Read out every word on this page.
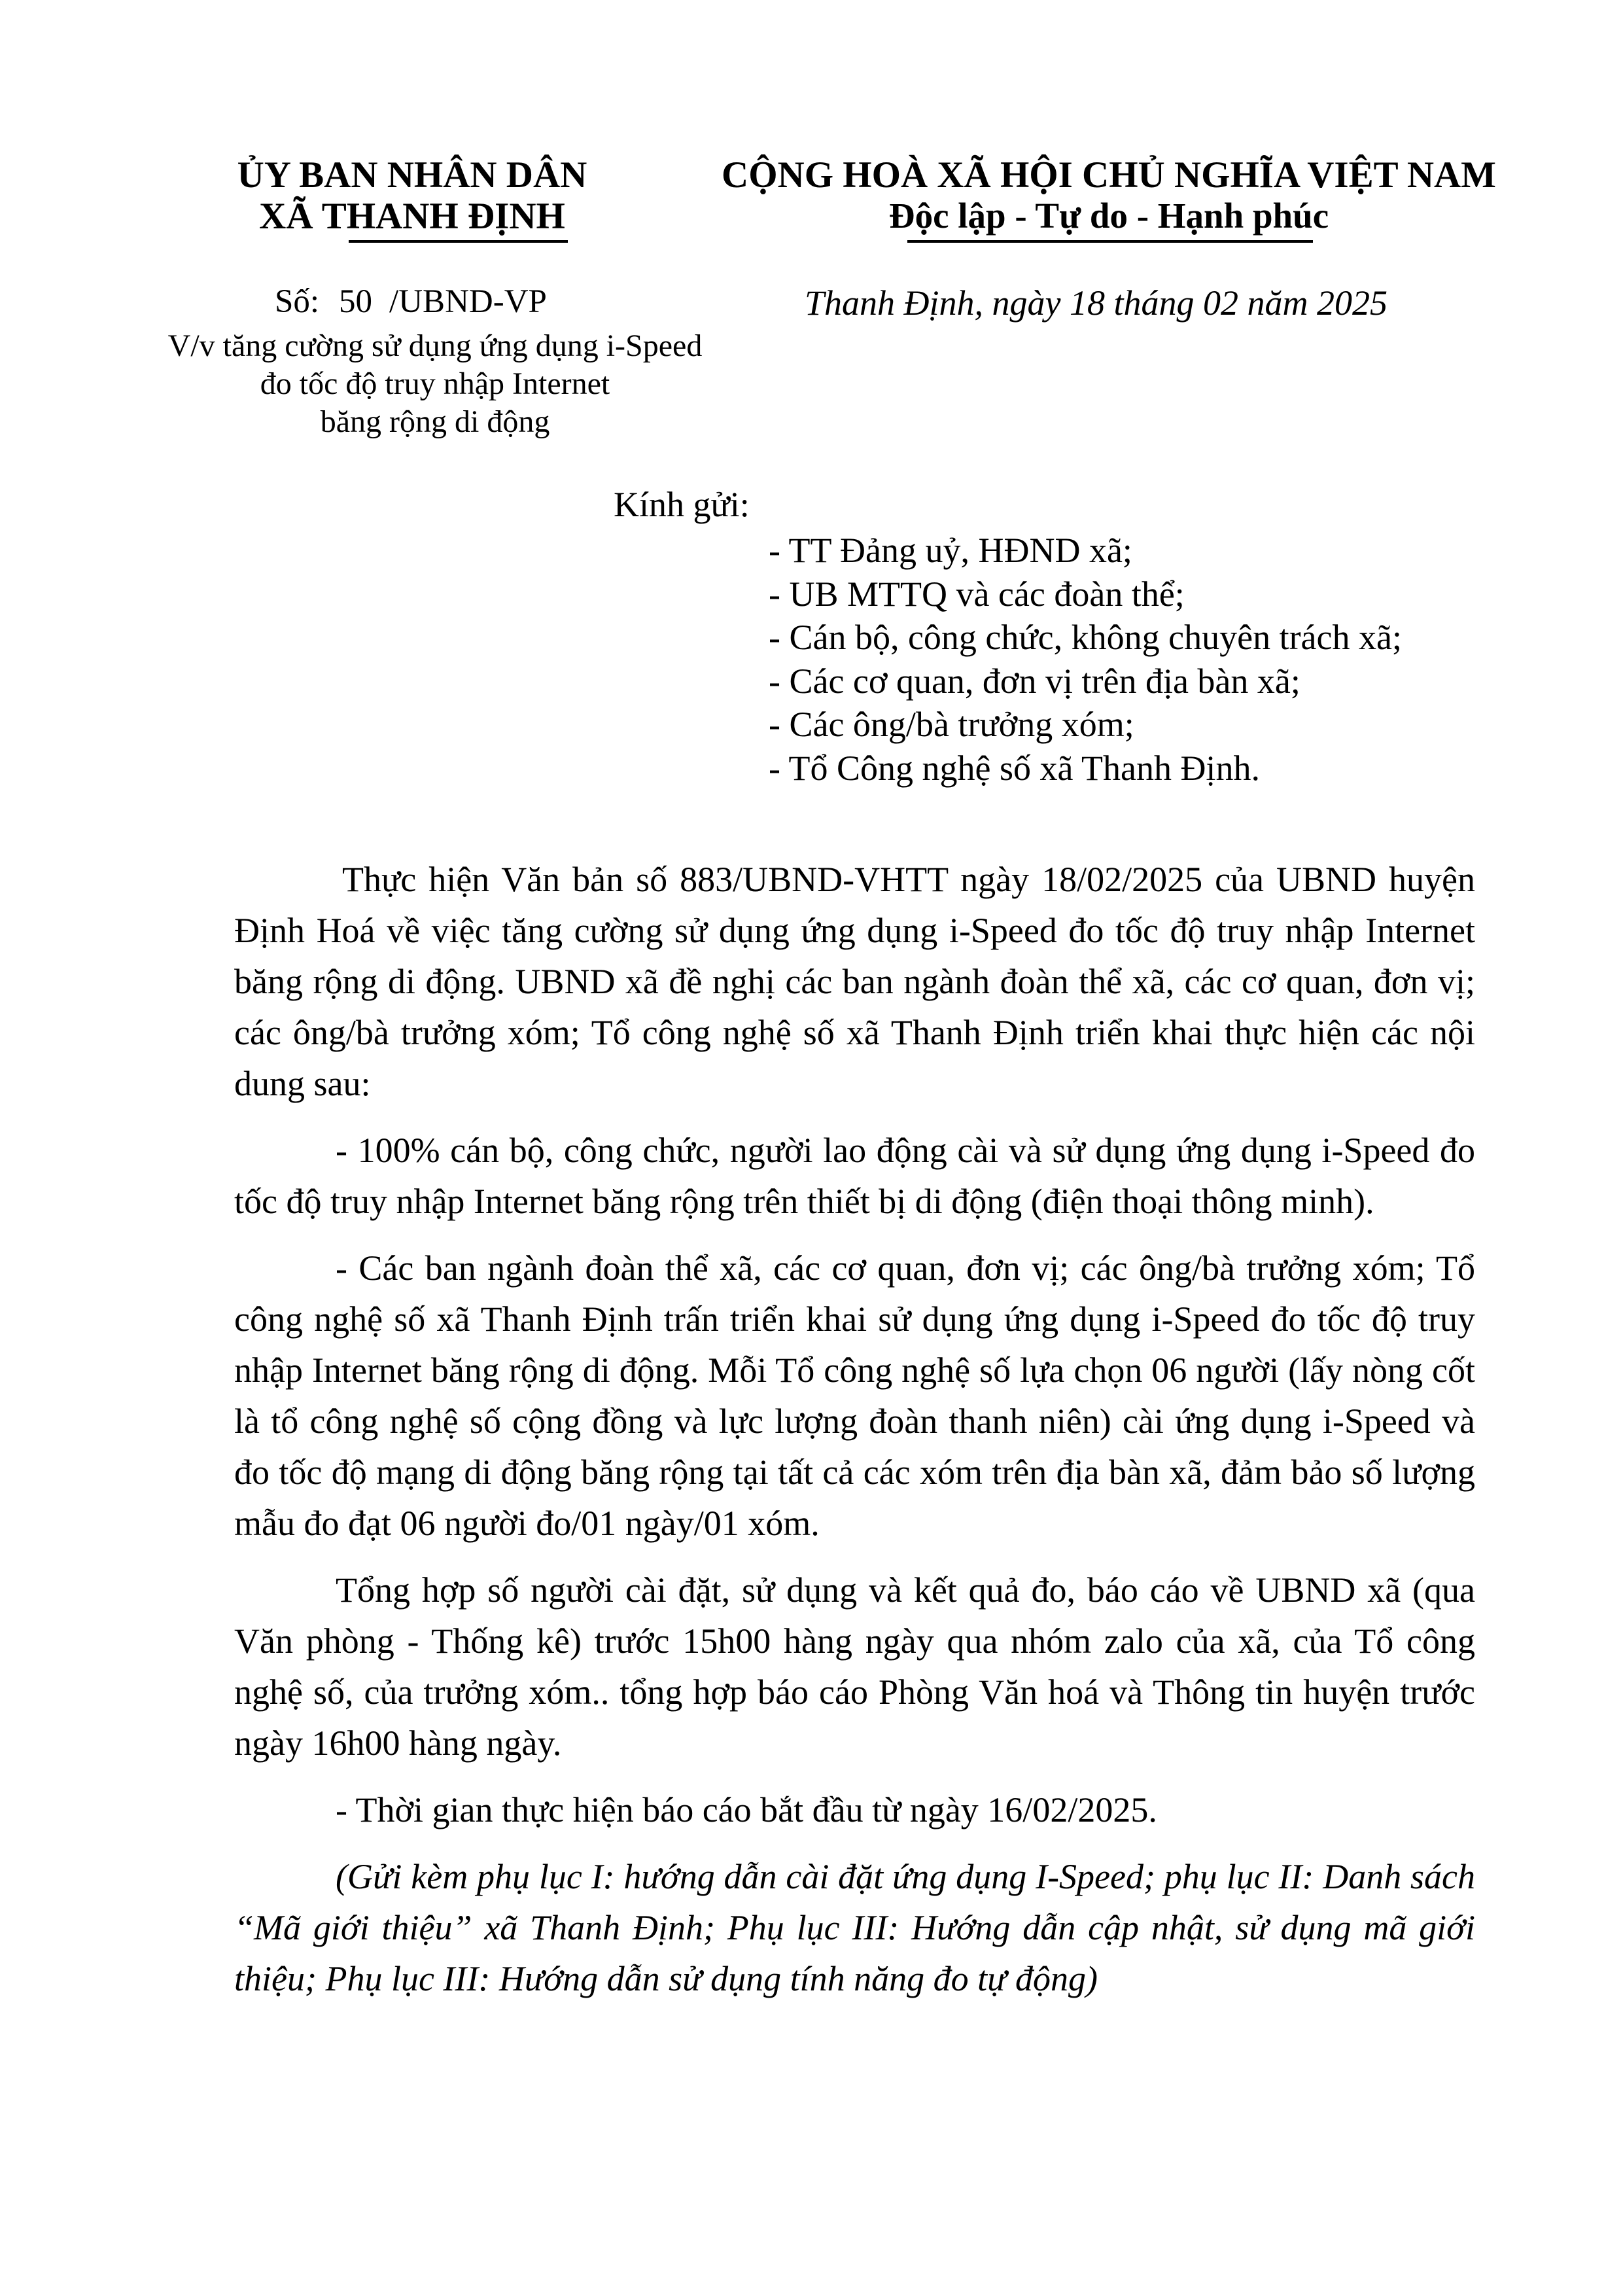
ỦY BAN NHÂN DÂN
XÃ THANH ĐỊNH
CỘNG HOÀ XÃ HỘI CHỦ NGHĨA VIỆT NAM
Độc lập - Tự do - Hạnh phúc
Số: 50 /UBND-VP	Thanh Định, ngày 18 tháng 02 năm 2025
V/v tăng cường sử dụng ứng dụng i-Speed
đo tốc độ truy nhập Internet
băng rộng di động
Kính gửi:
- TT Đảng uỷ, HĐND xã;
- UB MTTQ và các đoàn thể;
- Cán bộ, công chức, không chuyên trách xã;
- Các cơ quan, đơn vị trên địa bàn xã;
- Các ông/bà trưởng xóm;
- Tổ Công nghệ số xã Thanh Định.

Thực hiện Văn bản số 883/UBND-VHTT ngày 18/02/2025 của UBND huyện Định Hoá về việc tăng cường sử dụng ứng dụng i-Speed đo tốc độ truy nhập Internet băng rộng di động. UBND xã đề nghị các ban ngành đoàn thể xã, các cơ quan, đơn vị; các ông/bà trưởng xóm; Tổ công nghệ số xã Thanh Định triển khai thực hiện các nội dung sau:

- 100% cán bộ, công chức, người lao động cài và sử dụng ứng dụng i-Speed đo tốc độ truy nhập Internet băng rộng trên thiết bị di động (điện thoại thông minh).

- Các ban ngành đoàn thể xã, các cơ quan, đơn vị; các ông/bà trưởng xóm; Tổ công nghệ số xã Thanh Định trấn triển khai sử dụng ứng dụng i-Speed đo tốc độ truy nhập Internet băng rộng di động. Mỗi Tổ công nghệ số lựa chọn 06 người (lấy nòng cốt là tổ công nghệ số cộng đồng và lực lượng đoàn thanh niên) cài ứng dụng i-Speed và đo tốc độ mạng di động băng rộng tại tất cả các xóm trên địa bàn xã, đảm bảo số lượng mẫu đo đạt 06 người đo/01 ngày/01 xóm.

Tổng hợp số người cài đặt, sử dụng và kết quả đo, báo cáo về UBND xã (qua Văn phòng - Thống kê) trước 15h00 hàng ngày qua nhóm zalo của xã, của Tổ công nghệ số, của trưởng xóm.. tổng hợp báo cáo Phòng Văn hoá và Thông tin huyện trước ngày 16h00 hàng ngày.

- Thời gian thực hiện báo cáo bắt đầu từ ngày 16/02/2025.

(Gửi kèm phụ lục I: hướng dẫn cài đặt ứng dụng I-Speed; phụ lục II: Danh sách “Mã giới thiệu” xã Thanh Định; Phụ lục III: Hướng dẫn cập nhật, sử dụng mã giới thiệu; Phụ lục III: Hướng dẫn sử dụng tính năng đo tự động)
